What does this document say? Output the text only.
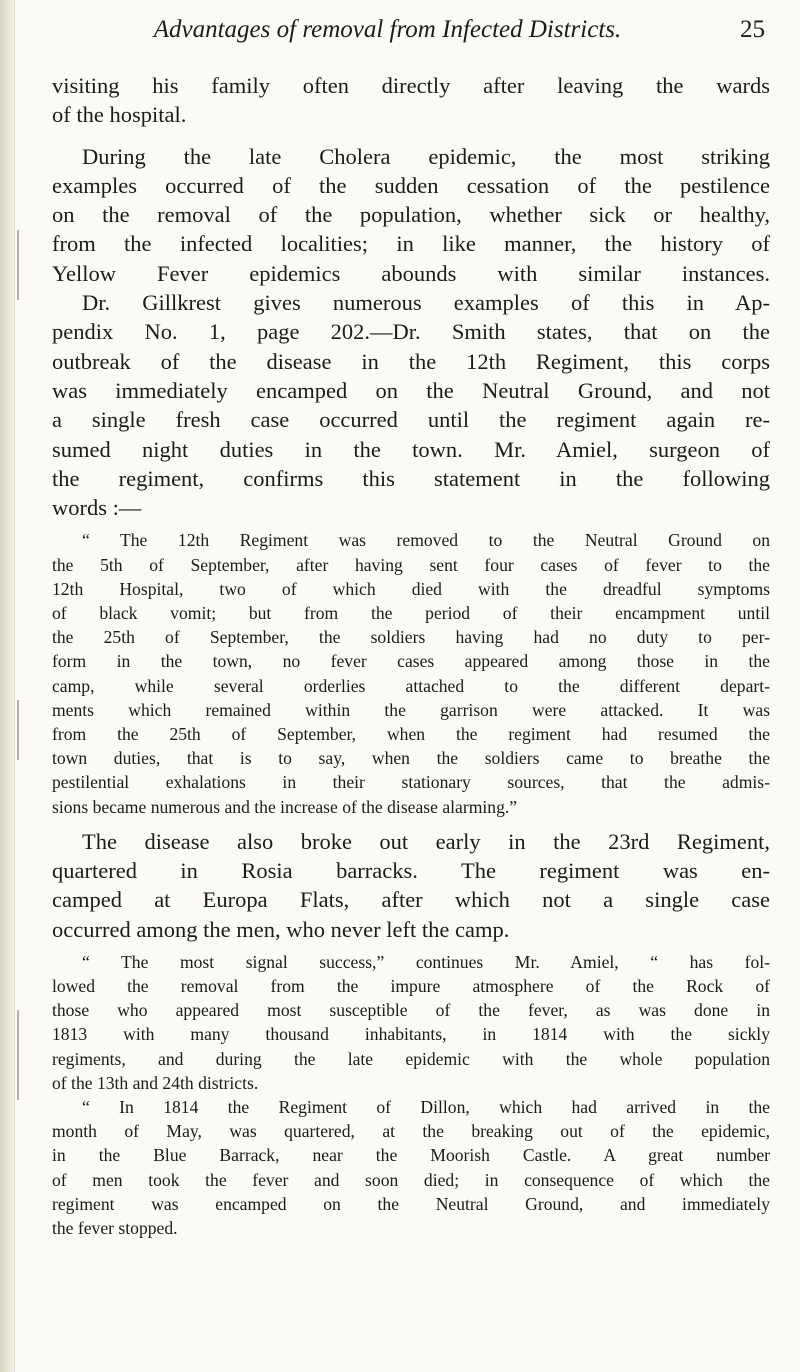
Advantages of removal from Infected Districts.	25
visiting his family often directly after leaving the wards
of the hospital.
During the late Cholera epidemic, the most striking
examples occurred of the sudden cessation of the pestilence
on the removal of the population, whether sick or healthy,
from the infected localities; in like manner, the history of
Yellow Fever epidemics abounds with similar instances.
Dr. Gillkrest gives numerous examples of this in Ap-
pendix No. 1, page 202.—Dr. Smith states, that on the
outbreak of the disease in the 12th Regiment, this corps
was immediately encamped on the Neutral Ground, and not
a single fresh case occurred until the regiment again re-
sumed night duties in the town. Mr. Amiel, surgeon of
the regiment, confirms this statement in the following
words :—
“ The 12th Regiment was removed to the Neutral Ground on
the 5th of September, after having sent four cases of fever to the
12th Hospital, two of which died with the dreadful symptoms
of black vomit; but from the period of their encampment until
the 25th of September, the soldiers having had no duty to per-
form in the town, no fever cases appeared among those in the
camp, while several orderlies attached to the different depart-
ments which remained within the garrison were attacked. It was
from the 25th of September, when the regiment had resumed the
town duties, that is to say, when the soldiers came to breathe the
pestilential exhalations in their stationary sources, that the admis-
sions became numerous and the increase of the disease alarming.”
The disease also broke out early in the 23rd Regiment,
quartered in Rosia barracks. The regiment was en-
camped at Europa Flats, after which not a single case
occurred among the men, who never left the camp.
“ The most signal success,” continues Mr. Amiel, “ has fol-
lowed the removal from the impure atmosphere of the Rock of
those who appeared most susceptible of the fever, as was done in
1813 with many thousand inhabitants, in 1814 with the sickly
regiments, and during the late epidemic with the whole population
of the 13th and 24th districts.
“ In 1814 the Regiment of Dillon, which had arrived in the
month of May, was quartered, at the breaking out of the epidemic,
in the Blue Barrack, near the Moorish Castle. A great number
of men took the fever and soon died; in consequence of which the
regiment was encamped on the Neutral Ground, and immediately
the fever stopped.
